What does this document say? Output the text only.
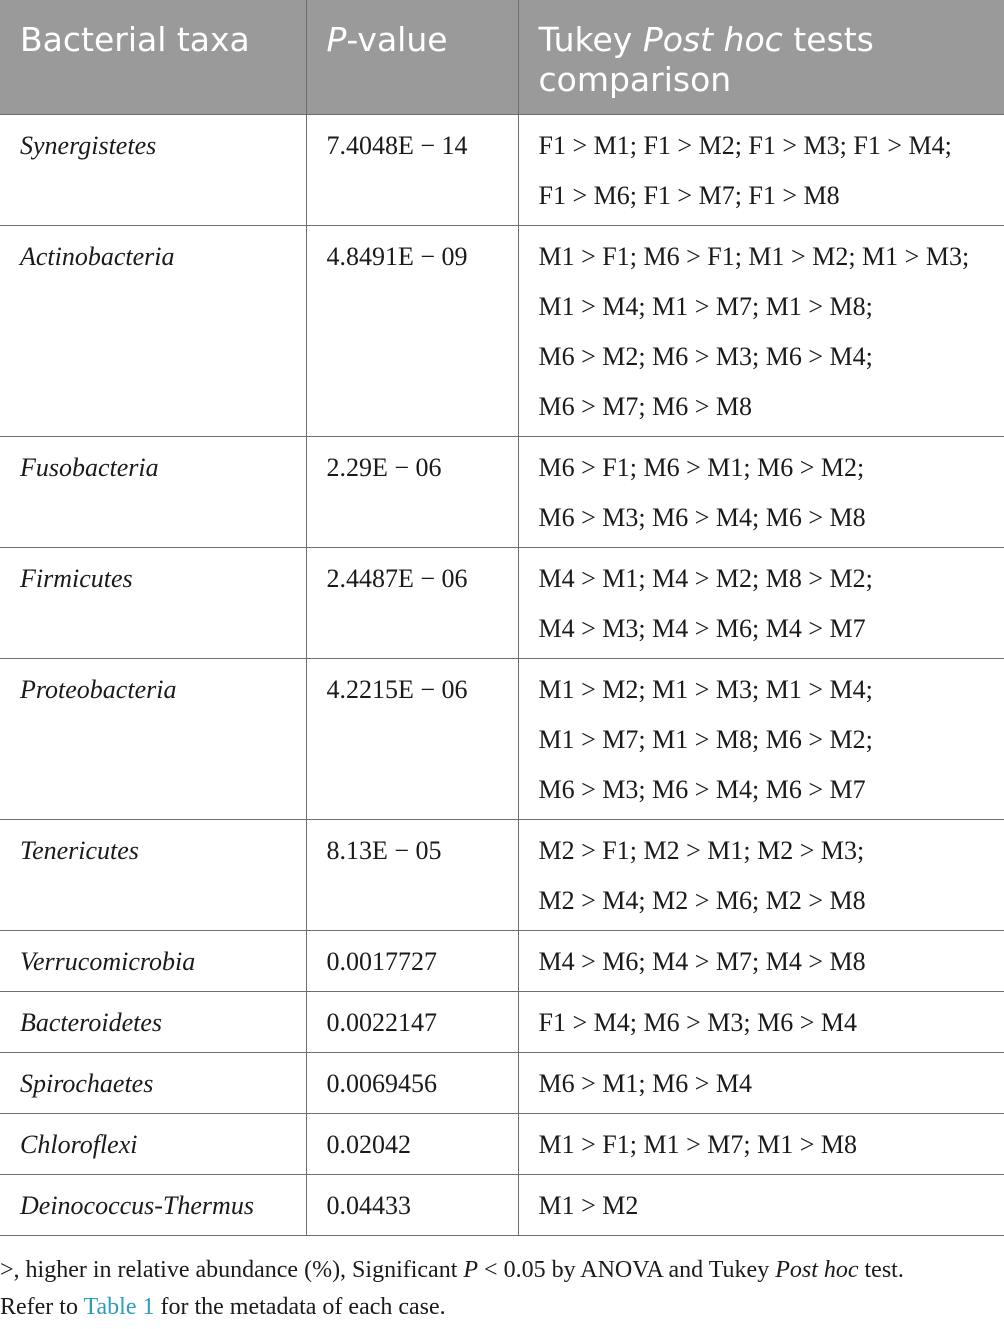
Bacterial taxa	P-value	Tukey Post hoc tests
comparison
Synergistetes	7.4048E − 14	F1 > M1; F1 > M2; F1 > M3; F1 > M4;
F1 > M6; F1 > M7; F1 > M8

Actinobacteria	4.8491E − 09	M1 > F1; M6 > F1; M1 > M2; M1 > M3;
M1 > M4; M1 > M7; M1 > M8;
M6 > M2; M6 > M3; M6 > M4;
M6 > M7; M6 > M8

Fusobacteria	2.29E − 06	M6 > F1; M6 > M1; M6 > M2;
M6 > M3; M6 > M4; M6 > M8

Firmicutes	2.4487E − 06	M4 > M1; M4 > M2; M8 > M2;
M4 > M3; M4 > M6; M4 > M7

Proteobacteria	4.2215E − 06	M1 > M2; M1 > M3; M1 > M4;
M1 > M7; M1 > M8; M6 > M2;
M6 > M3; M6 > M4; M6 > M7

Tenericutes	8.13E − 05	M2 > F1; M2 > M1; M2 > M3;
M2 > M4; M2 > M6; M2 > M8

Verrucomicrobia	0.0017727	M4 > M6; M4 > M7; M4 > M8

Bacteroidetes	0.0022147	F1 > M4; M6 > M3; M6 > M4

Spirochaetes	0.0069456	M6 > M1; M6 > M4

Chloroflexi	0.02042	M1 > F1; M1 > M7; M1 > M8

Deinococcus-Thermus	0.04433	M1 > M2
>, higher in relative abundance (%), Significant P < 0.05 by ANOVA and Tukey Post hoc test.
Refer to Table 1 for the metadata of each case.
